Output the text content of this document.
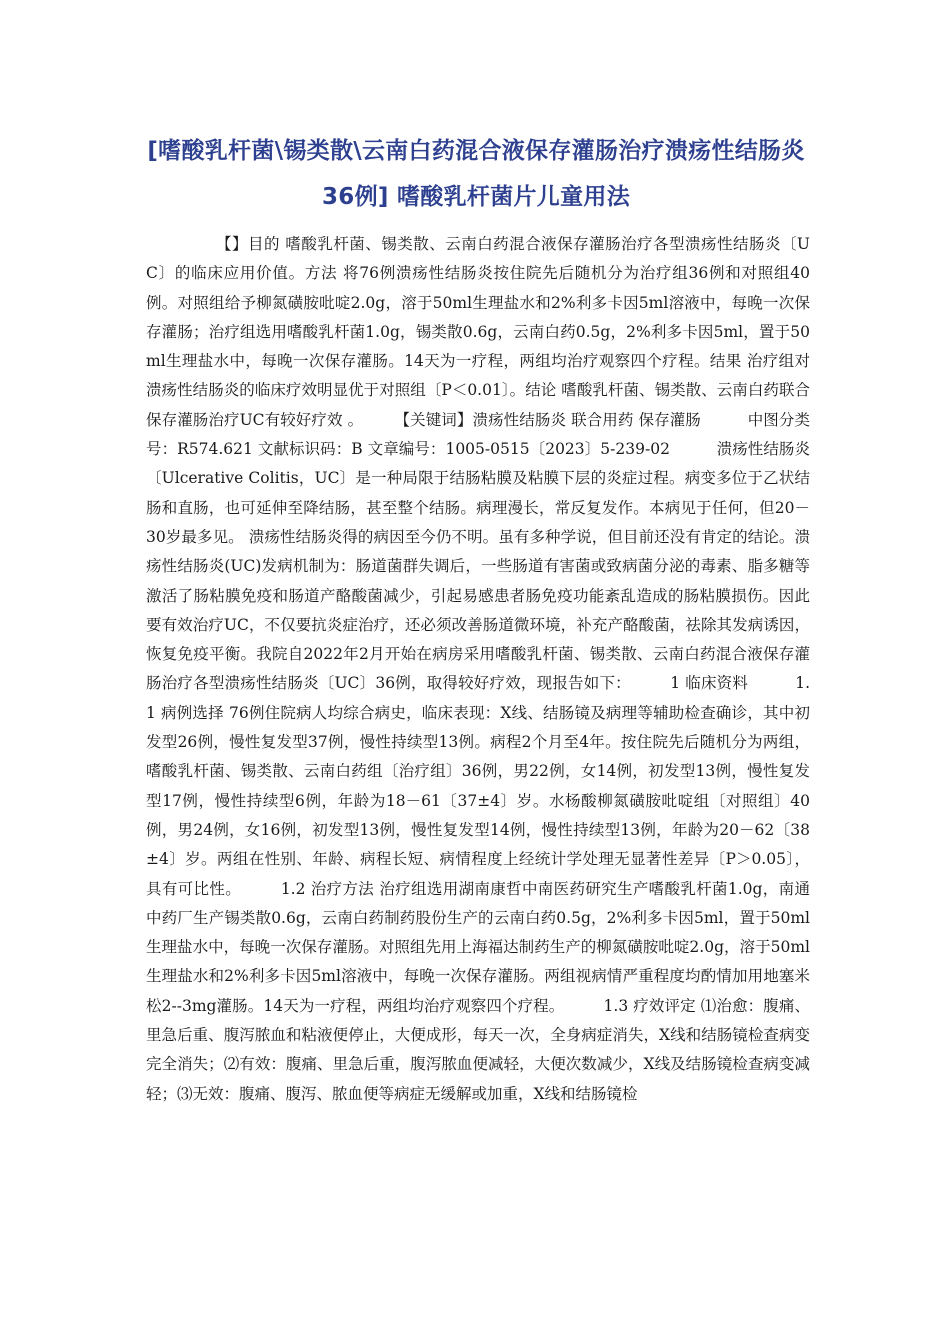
[嗜酸乳杆菌\锡类散\云南白药混合液保存灌肠治疗溃疡性结肠炎36例] 嗜酸乳杆菌片儿童用法

【】目的 嗜酸乳杆菌、锡类散、云南白药混合液保存灌肠治疗各型溃疡性结肠炎〔UC〕的临床应用价值。方法 将76例溃疡性结肠炎按住院先后随机分为治疗组36例和对照组40例。对照组给予柳氮磺胺吡啶2.0g，溶于50ml生理盐水和2%利多卡因5ml溶液中，每晚一次保存灌肠；治疗组选用嗜酸乳杆菌1.0g，锡类散0.6g，云南白药0.5g，2%利多卡因5ml，置于50ml生理盐水中，每晚一次保存灌肠。14天为一疗程，两组均治疗观察四个疗程。结果 治疗组对溃疡性结肠炎的临床疗效明显优于对照组〔P＜0.01〕。结论 嗜酸乳杆菌、锡类散、云南白药联合保存灌肠治疗UC有较好疗效 。　　　【关键词】溃疡性结肠炎 联合用药 保存灌肠　　　中图分类号：R574.621 文献标识码：B 文章编号：1005-0515〔2023〕5-239-02　　　溃疡性结肠炎〔Ulcerative Colitis，UC〕是一种局限于结肠粘膜及粘膜下层的炎症过程。病变多位于乙状结肠和直肠，也可延伸至降结肠，甚至整个结肠。病理漫长，常反复发作。本病见于任何，但20－30岁最多见。 溃疡性结肠炎得的病因至今仍不明。虽有多种学说，但目前还没有肯定的结论。溃疡性结肠炎(UC)发病机制为：肠道菌群失调后，一些肠道有害菌或致病菌分泌的毒素、脂多糖等激活了肠粘膜免疫和肠道产酪酸菌减少，引起易感患者肠免疫功能紊乱造成的肠粘膜损伤。因此要有效治疗UC，不仅要抗炎症治疗，还必须改善肠道微环境，补充产酪酸菌，祛除其发病诱因，恢复免疫平衡。我院自2022年2月开始在病房采用嗜酸乳杆菌、锡类散、云南白药混合液保存灌肠治疗各型溃疡性结肠炎〔UC〕36例，取得较好疗效，现报告如下：　　　1 临床资料　　　1.1 病例选择 76例住院病人均综合病史，临床表现：X线、结肠镜及病理等辅助检查确诊，其中初发型26例，慢性复发型37例，慢性持续型13例。病程2个月至4年。按住院先后随机分为两组，嗜酸乳杆菌、锡类散、云南白药组〔治疗组〕36例，男22例，女14例，初发型13例，慢性复发型17例，慢性持续型6例，年龄为18－61〔37±4〕岁。水杨酸柳氮磺胺吡啶组〔对照组〕40例，男24例，女16例，初发型13例，慢性复发型14例，慢性持续型13例，年龄为20－62〔38±4〕岁。两组在性别、年龄、病程长短、病情程度上经统计学处理无显著性差异〔P＞0.05〕，具有可比性。　　　1.2 治疗方法 治疗组选用湖南康哲中南医药研究生产嗜酸乳杆菌1.0g，南通中药厂生产锡类散0.6g，云南白药制药股份生产的云南白药0.5g，2%利多卡因5ml，置于50ml生理盐水中，每晚一次保存灌肠。对照组先用上海福达制药生产的柳氮磺胺吡啶2.0g，溶于50ml生理盐水和2%利多卡因5ml溶液中，每晚一次保存灌肠。两组视病情严重程度均酌情加用地塞米松2--3mg灌肠。14天为一疗程，两组均治疗观察四个疗程。　　　1.3 疗效评定 ⑴治愈：腹痛、里急后重、腹泻脓血和粘液便停止，大便成形，每天一次，全身病症消失，X线和结肠镜检查病变完全消失；⑵有效：腹痛、里急后重，腹泻脓血便减轻，大便次数减少，X线及结肠镜检查病变减轻；⑶无效：腹痛、腹泻、脓血便等病症无缓解或加重，X线和结肠镜检
